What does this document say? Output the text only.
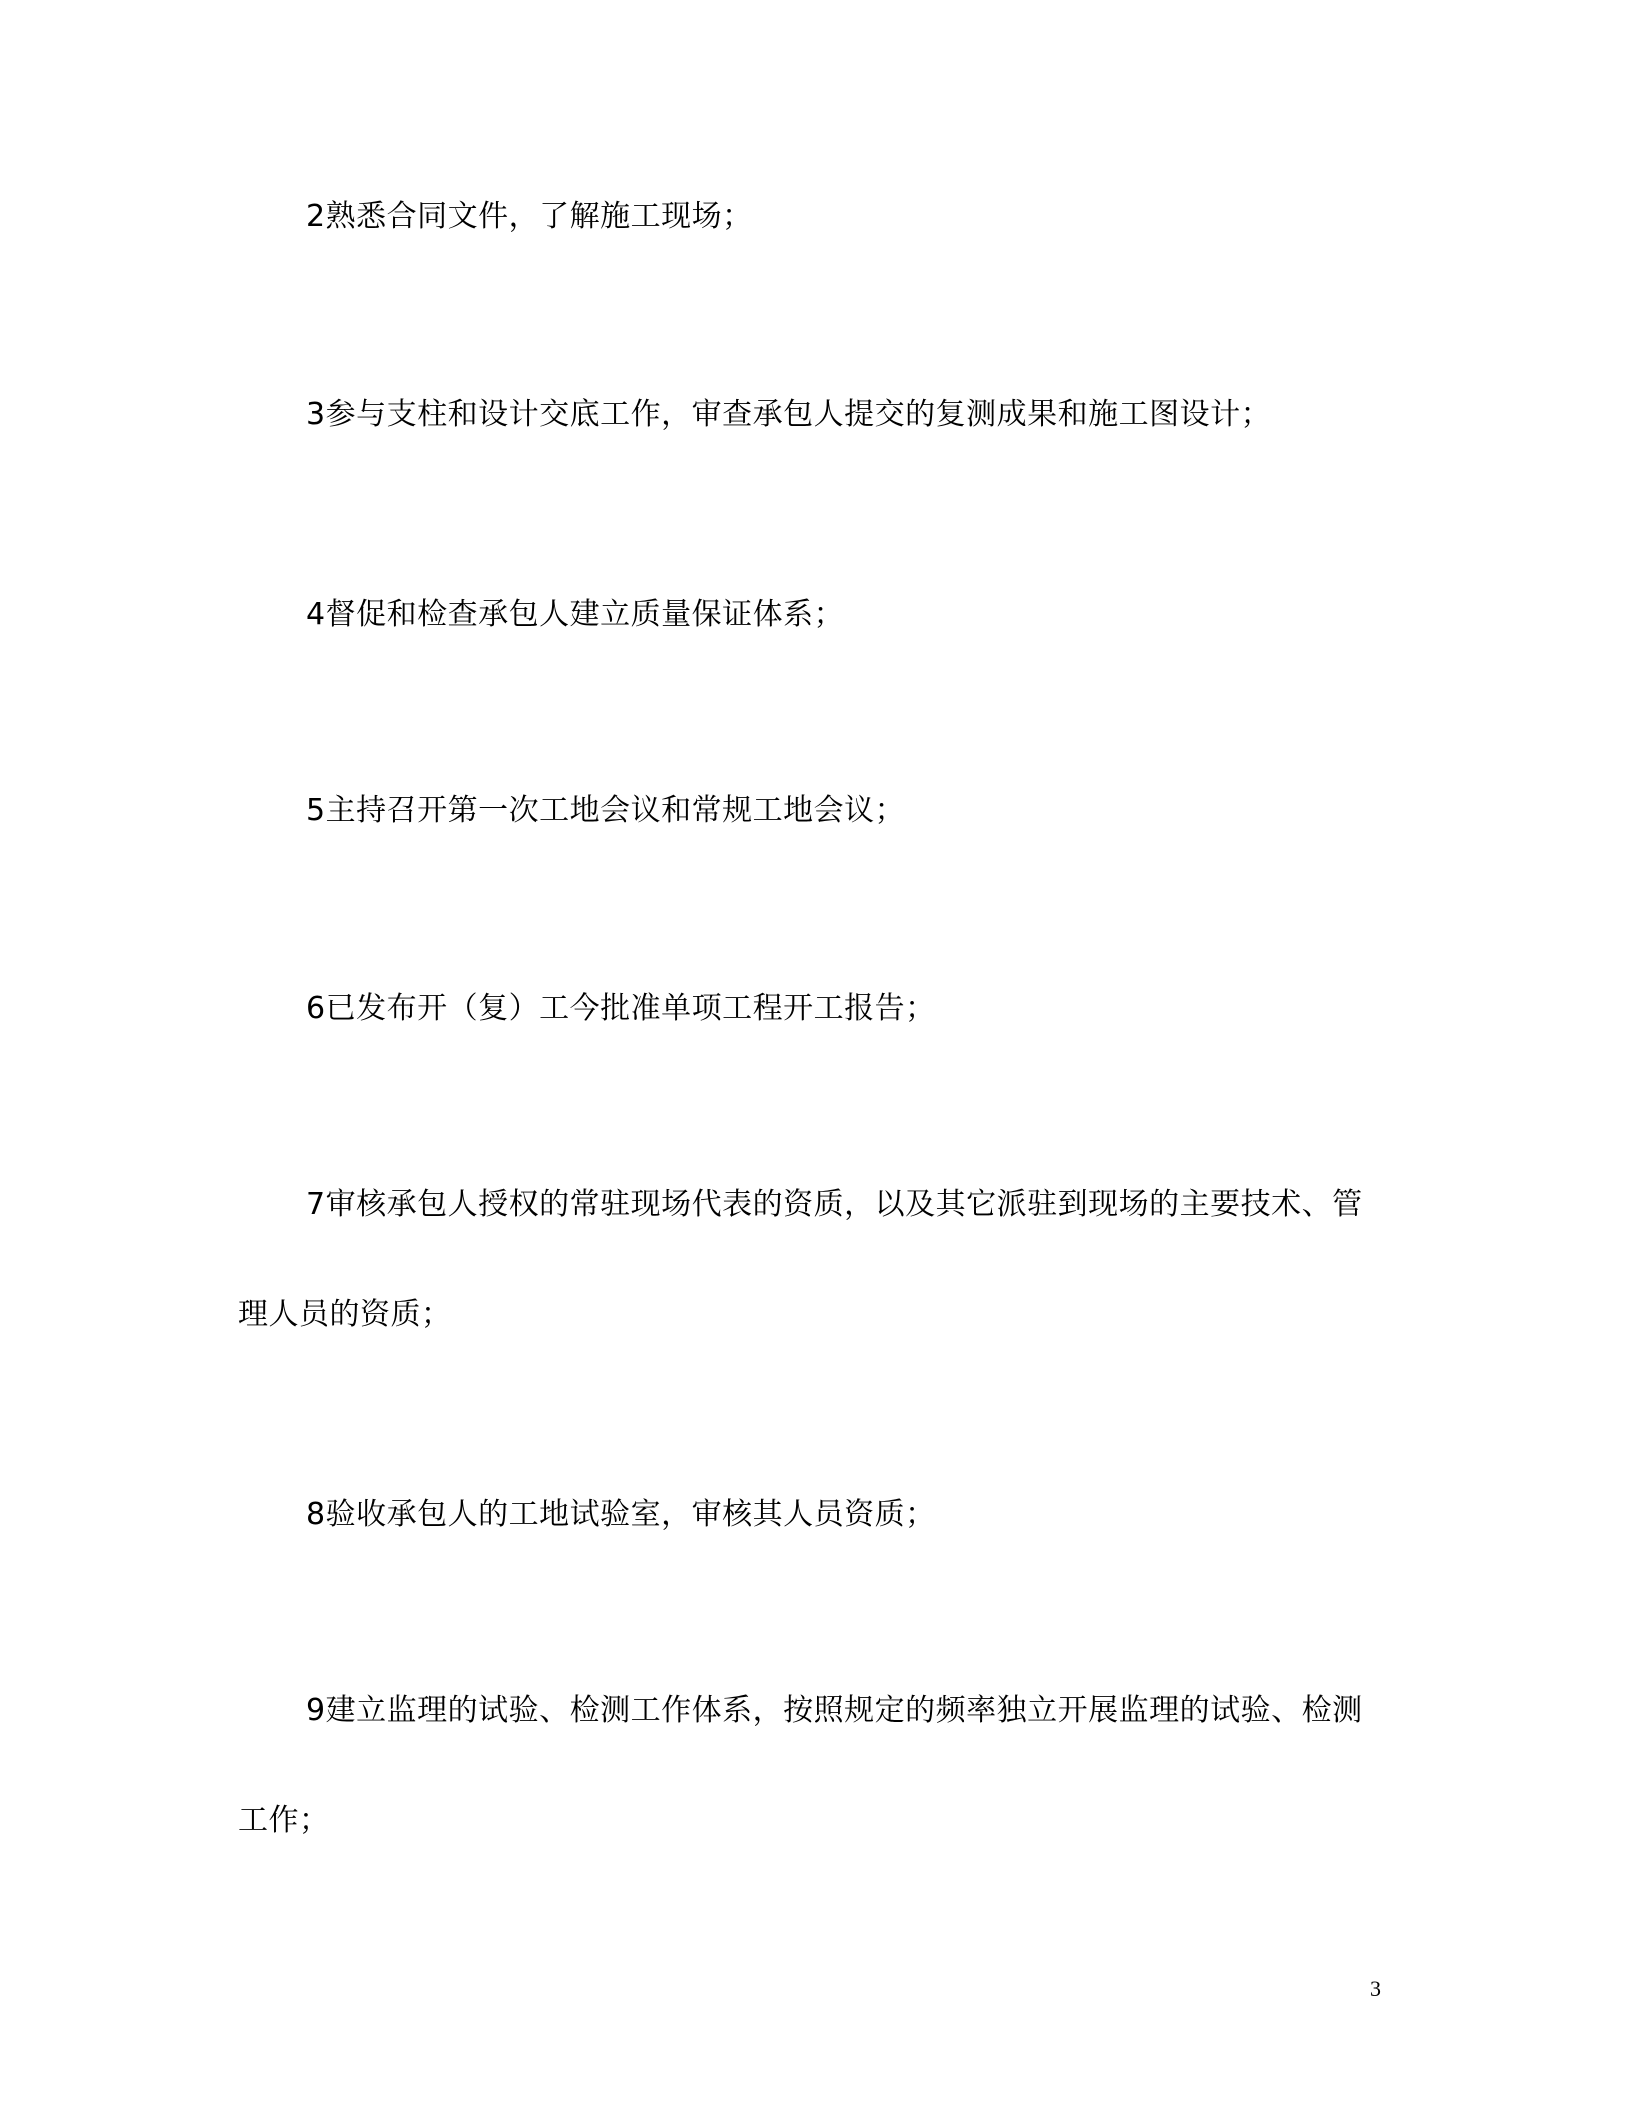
2熟悉合同文件，了解施工现场；

3参与支柱和设计交底工作，审查承包人提交的复测成果和施工图设计；

4督促和检查承包人建立质量保证体系；

5主持召开第一次工地会议和常规工地会议；

6已发布开（复）工今批准单项工程开工报告；

7审核承包人授权的常驻现场代表的资质，以及其它派驻到现场的主要技术、管理人员的资质；

8验收承包人的工地试验室，审核其人员资质；

9建立监理的试验、检测工作体系，按照规定的频率独立开展监理的试验、检测工作；

3
